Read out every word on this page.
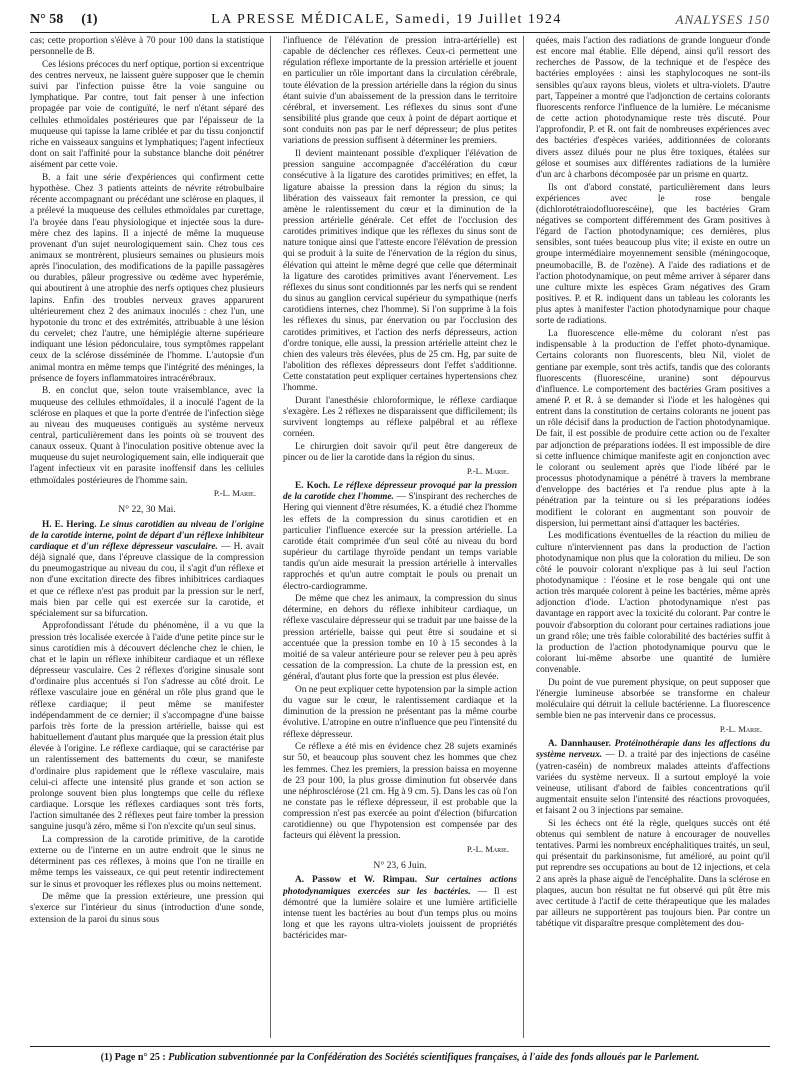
N° 58 (1)	LA PRESSE MÉDICALE, Samedi, 19 Juillet 1924	ANALYSES 150

cas; cette proportion s'élève à 70 pour 100 dans la statistique personnelle de B.

Ces lésions précoces du nerf optique, portion si excentrique des centres nerveux, ne laissent guère supposer que le chemin suivi par l'infection puisse être la voie sanguine ou lymphatique. Par contre, tout fait penser à une infection propagée par voie de contiguïté, le nerf n'étant séparé des cellules ethmoïdales postérieures que par l'épaisseur de la muqueuse qui tapisse la lame criblée et par du tissu conjonctif riche en vaisseaux sanguins et lymphatiques; l'agent infectieux dont on sait l'affinité pour la substance blanche doit pénétrer aisément par cette voie.

B. a fait une série d'expériences qui confirment cette hypothèse. Chez 3 patients atteints de névrite rétrobulbaire récente accompagnant ou précédant une sclérose en plaques, il a prélevé la muqueuse des cellules ethmoïdales par curettage, l'a broyée dans l'eau physiologique et injectée sous la dure-mère chez des lapins. Il a injecté de même la muqueuse provenant d'un sujet neurologiquement sain. Chez tous ces animaux se montrèrent, plusieurs semaines ou plusieurs mois après l'inoculation, des modifications de la papille passagères ou durables, pâleur progressive ou œdème avec hyperémie, qui aboutirent à une atrophie des nerfs optiques chez plusieurs lapins. Enfin des troubles nerveux graves apparurent ultérieurement chez 2 des animaux inoculés : chez l'un, une hypotonie du tronc et des extrémités, attribuable à une lésion du cervelet; chez l'autre, une hémiplégie alterne supérieure indiquant une lésion pédonculaire, tous symptômes rappelant ceux de la sclérose disséminée de l'homme. L'autopsie d'un animal montra en même temps que l'intégrité des méninges, la présence de foyers inflammatoires intracérébraux.

B. en conclut que, selon toute vraisemblance, avec la muqueuse des cellules ethmoïdales, il a inoculé l'agent de la sclérose en plaques et que la porte d'entrée de l'infection siège au niveau des muqueuses contiguës au système nerveux central, particulièrement dans les points où se trouvent des canaux osseux. Quant à l'inoculation positive obtenue avec la muqueuse du sujet neurologiquement sain, elle indiquerait que l'agent infectieux vit en parasite inoffensif dans les cellules ethmoïdales postérieures de l'homme sain.

P.-L. Marie.
N° 22, 30 Mai.

H. E. Hering. Le sinus carotidien au niveau de l'origine de la carotide interne, point de départ d'un réflexe inhibiteur cardiaque et d'un réflexe dépresseur vasculaire. — H. avait déjà signalé que, dans l'épreuve classique de la compression du pneumogastrique au niveau du cou, il s'agit d'un réflexe et non d'une excitation directe des fibres inhibitrices cardiaques et que ce réflexe n'est pas produit par la pression sur le nerf, mais bien par celle qui est exercée sur la carotide, et spécialement sur sa bifurcation.

Approfondissant l'étude du phénomène, il a vu que la pression très localisée exercée à l'aide d'une petite pince sur le sinus carotidien mis à découvert déclenche chez le chien, le chat et le lapin un réflexe inhibiteur cardiaque et un réflexe dépresseur vasculaire. Ces 2 réflexes d'origine sinusale sont d'ordinaire plus accentués si l'on s'adresse au côté droit. Le réflexe vasculaire joue en général un rôle plus grand que le réflexe cardiaque; il peut même se manifester indépendamment de ce dernier; il s'accompagne d'une baisse parfois très forte de la pression artérielle, baisse qui est habituellement d'autant plus marquée que la pression était plus élevée à l'origine. Le réflexe cardiaque, qui se caractérise par un ralentissement des battements du cœur, se manifeste d'ordinaire plus rapidement que le réflexe vasculaire, mais celui-ci affecte une intensité plus grande et son action se prolonge souvent bien plus longtemps que celle du réflexe cardiaque. Lorsque les réflexes cardiaques sont très forts, l'action simultanée des 2 réflexes peut faire tomber la pression sanguine jusqu'à zéro, même si l'on n'excite qu'un seul sinus.

La compression de la carotide primitive, de la carotide externe ou de l'interne en un autre endroit que le sinus ne déterminent pas ces réflexes, à moins que l'on ne tiraille en même temps les vaisseaux, ce qui peut retentir indirectement sur le sinus et provoquer les réflexes plus ou moins nettement.

De même que la pression extérieure, une pression qui s'exerce sur l'intérieur du sinus (introduction d'une sonde, extension de la paroi du sinus sous

l'influence de l'élévation de pression intra-artérielle) est capable de déclencher ces réflexes. Ceux-ci permettent une régulation réflexe importante de la pression artérielle et jouent en particulier un rôle important dans la circulation cérébrale, toute élévation de la pression artérielle dans la région du sinus étant suivie d'un abaissement de la pression dans le territoire cérébral, et inversement. Les réflexes du sinus sont d'une sensibilité plus grande que ceux à point de départ aortique et sont conduits non pas par le nerf dépresseur; de plus petites variations de pression suffisent à déterminer les premiers.

Il devient maintenant possible d'expliquer l'élévation de pression sanguine accompagnée d'accélération du cœur consécutive à la ligature des carotides primitives; en effet, la ligature abaisse la pression dans la région du sinus; la libération des vaisseaux fait remonter la pression, ce qui amène le ralentissement du cœur et la diminution de la pression artérielle générale. Cet effet de l'occlusion des carotides primitives indique que les réflexes du sinus sont de nature tonique ainsi que l'atteste encore l'élévation de pression qui se produit à la suite de l'énervation de la région du sinus, élévation qui atteint le même degré que celle que déterminait la ligature des carotides primitives avant l'énervement. Les réflexes du sinus sont conditionnés par les nerfs qui se rendent du sinus au ganglion cervical supérieur du sympathique (nerfs carotidiens internes, chez l'homme). Si l'on supprime à la fois les réflexes du sinus, par énervation ou par l'occlusion des carotides primitives, et l'action des nerfs dépresseurs, action d'ordre tonique, elle aussi, la pression artérielle atteint chez le chien des valeurs très élevées, plus de 25 cm. Hg, par suite de l'abolition des réflexes dépresseurs dont l'effet s'additionne. Cette constatation peut expliquer certaines hypertensions chez l'homme.

Durant l'anesthésie chloroformique, le réflexe cardiaque s'exagère. Les 2 réflexes ne disparaissent que difficilement; ils survivent longtemps au réflexe palpébral et au réflexe cornéen.

Le chirurgien doit savoir qu'il peut être dangereux de pincer ou de lier la carotide dans la région du sinus.

P.-L. Marie.

E. Koch. Le réflexe dépresseur provoqué par la pression de la carotide chez l'homme. — S'inspirant des recherches de Hering qui viennent d'être résumées, K. a étudié chez l'homme les effets de la compression du sinus carotidien et en particulier l'influence exercée sur la pression artérielle. La carotide était comprimée d'un seul côté au niveau du bord supérieur du cartilage thyroïde pendant un temps variable tandis qu'un aide mesurait la pression artérielle à intervalles rapprochés et qu'un autre comptait le pouls ou prenait un électro-cardiogramme.

De même que chez les animaux, la compression du sinus détermine, en dehors du réflexe inhibiteur cardiaque, un réflexe vasculaire dépresseur qui se traduit par une baisse de la pression artérielle, baisse qui peut être si soudaine et si accentuée que la pression tombe en 10 à 15 secondes à la moitié de sa valeur antérieure pour se relever peu à peu après cessation de la compression. La chute de la pression est, en général, d'autant plus forte que la pression est plus élevée.

On ne peut expliquer cette hypotension par la simple action du vague sur le cœur, le ralentissement cardiaque et la diminution de la pression ne présentant pas la même courbe évolutive. L'atropine en outre n'influence que peu l'intensité du réflexe dépresseur.

Ce réflexe a été mis en évidence chez 28 sujets examinés sur 50, et beaucoup plus souvent chez les hommes que chez les femmes. Chez les premiers, la pression baissa en moyenne de 23 pour 100, la plus grosse diminution fut observée dans une néphrosclérose (21 cm. Hg à 9 cm. 5). Dans les cas où l'on ne constate pas le réflexe dépresseur, il est probable que la compression n'est pas exercée au point d'élection (bifurcation carotidienne) ou que l'hypotension est compensée par des facteurs qui élèvent la pression.

P.-L. Marie.
N° 23, 6 Juin.

A. Passow et W. Rimpau. Sur certaines actions photodynamiques exercées sur les bactéries. — Il est démontré que la lumière solaire et une lumière artificielle intense tuent les bactéries au bout d'un temps plus ou moins long et que les rayons ultra-violets jouissent de propriétés bactéricides mar-

quées, mais l'action des radiations de grande longueur d'onde est encore mal établie. Elle dépend, ainsi qu'il ressort des recherches de Passow, de la technique et de l'espèce des bactéries employées : ainsi les staphylocoques ne sont-ils sensibles qu'aux rayons bleus, violets et ultra-violets. D'autre part, Tappeiner a montré que l'adjonction de certains colorants fluorescents renforce l'influence de la lumière. Le mécanisme de cette action photodynamique reste très discuté. Pour l'approfondir, P. et R. ont fait de nombreuses expériences avec des bactéries d'espèces variées, additionnées de colorants divers assez dilués pour ne plus être toxiques, étalées sur gélose et soumises aux différentes radiations de la lumière d'un arc à charbons décomposée par un prisme en quartz.

Ils ont d'abord constaté, particulièrement dans leurs expériences avec le rose bengale (dichlorotétraiodofluorescéine), que les bactéries Gram négatives se comportent différemment des Gram positives à l'égard de l'action photodynamique; ces dernières, plus sensibles, sont tuées beaucoup plus vite; il existe en outre un groupe intermédiaire moyennement sensible (méningocoque, pneumobacille, B. de l'ozène). A l'aide des radiations et de l'action photodynamique, on peut même arriver à séparer dans une culture mixte les espèces Gram négatives des Gram positives. P. et R. indiquent dans un tableau les colorants les plus aptes à manifester l'action photodynamique pour chaque sorte de radiations.

La fluorescence elle-même du colorant n'est pas indispensable à la production de l'effet photo-dynamique. Certains colorants non fluorescents, bleu Nil, violet de gentiane par exemple, sont très actifs, tandis que des colorants fluorescents (fluorescéine, uranine) sont dépourvus d'influence. Le comportement des bactéries Gram positives a amené P. et R. à se demander si l'iode et les halogènes qui entrent dans la constitution de certains colorants ne jouent pas un rôle décisif dans la production de l'action photodynamique. De fait, il est possible de produire cette action ou de l'exalter par adjonction de préparations iodées. Il est impossible de dire si cette influence chimique manifeste agit en conjonction avec le colorant ou seulement après que l'iode libéré par le processus photodynamique a pénétré à travers la membrane d'enveloppe des bactéries et l'a rendue plus apte à la pénétration par la teinture ou si les préparations iodées modifient le colorant en augmentant son pouvoir de dispersion, lui permettant ainsi d'attaquer les bactéries.

Les modifications éventuelles de la réaction du milieu de culture n'interviennent pas dans la production de l'action photodynamique non plus que la coloration du milieu. De son côté le pouvoir colorant n'explique pas à lui seul l'action photodynamique : l'éosine et le rose bengale qui ont une action très marquée colorent à peine les bactéries, même après adjonction d'iode. L'action photodynamique n'est pas davantage en rapport avec la toxicité du colorant. Par contre le pouvoir d'absorption du colorant pour certaines radiations joue un grand rôle; une très faible colorabilité des bactéries suffit à la production de l'action photodynamique pourvu que le colorant lui-même absorbe une quantité de lumière convenable.

Du point de vue purement physique, on peut supposer que l'énergie lumineuse absorbée se transforme en chaleur moléculaire qui détruit la cellule bactérienne. La fluorescence semble bien ne pas intervenir dans ce processus.

P.-L. Marie.

A. Dannhauser. Protéinothérapie dans les affections du système nerveux. — D. a traité par des injections de caséine (yatren-caséin) de nombreux malades atteints d'affections variées du système nerveux. Il a surtout employé la voie veineuse, utilisant d'abord de faibles concentrations qu'il augmentait ensuite selon l'intensité des réactions provoquées, et faisant 2 ou 3 injections par semaine.

Si les échecs ont été la règle, quelques succès ont été obtenus qui semblent de nature à encourager de nouvelles tentatives. Parmi les nombreux encéphalitiques traités, un seul, qui présentait du parkinsonisme, fut amélioré, au point qu'il put reprendre ses occupations au bout de 12 injections, et cela 2 ans après la phase aiguë de l'encéphalite. Dans la sclérose en plaques, aucun bon résultat ne fut observé qui pût être mis avec certitude à l'actif de cette thérapeutique que les malades par ailleurs ne supportèrent pas toujours bien. Par contre un tabétique vit disparaître presque complètement des dou-

(1) Page n° 25 : Publication subventionnée par la Confédération des Sociétés scientifiques françaises, à l'aide des fonds alloués par le Parlement.
